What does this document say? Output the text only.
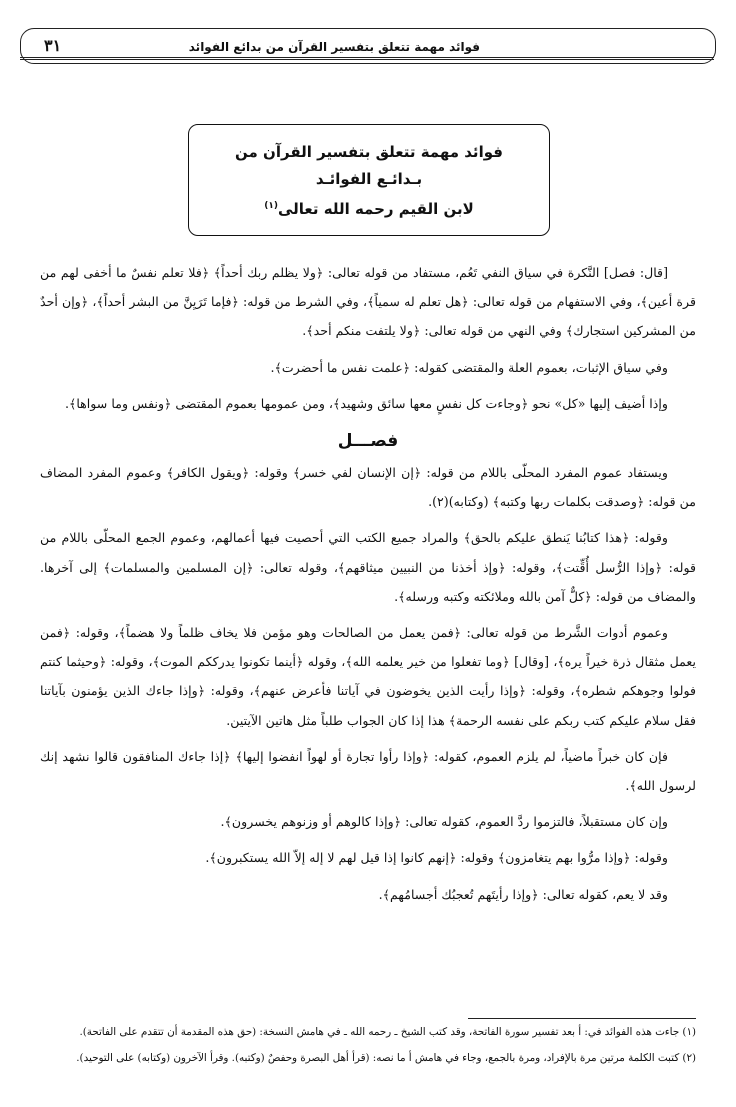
فوائد مهمة تتعلق بتفسير القرآن من بدائع الفوائد
٣١
فوائد مهمة تتعلق بتفسير القرآن من
بـدائـع الفوائـد
لابن القيم رحمه الله تعالى$^{(١)}$

[قال: فصل] النَّكرة في سياق النفي تَعُم، مستفاد من قوله تعالى: ﴿ولا يظلم ربك أحداً﴾ ﴿فلا تعلم نفسٌ ما أخفى لهم من قرة أعين﴾، وفي الاستفهام من قوله تعالى: ﴿هل تعلم له سمياً﴾، وفي الشرط من قوله: ﴿فإما تَرَيِنَّ من البشر أحداً﴾، ﴿وإن أحدٌ من المشركين استجارك﴾ وفي النهي من قوله تعالى: ﴿ولا يلتفت منكم أحد﴾.

وفي سياق الإثبات، بعموم العلة والمقتضى كقوله: ﴿علمت نفس ما أحضرت﴾.

وإذا أضيف إليها «كل» نحو ﴿وجاءت كل نفسٍ معها سائق وشهيد﴾، ومن عمومها بعموم المقتضى ﴿ونفس وما سواها﴾.

فصـــل

ويستفاد عموم المفرد المحلّى باللام من قوله: ﴿إن الإنسان لفي خسر﴾ وقوله: ﴿ويقول الكافر﴾ وعموم المفرد المضاف من قوله: ﴿وصدقت بكلمات ربها وكتبه﴾ (وكتابه)(٢).

وقوله: ﴿هذا كتابُنا يَنطق عليكم بالحق﴾ والمراد جميع الكتب التي أحصيت فيها أعمالهم، وعموم الجمع المحلّى باللام من قوله: ﴿وإذا الرُّسل أُقِّتت﴾، وقوله: ﴿وإذ أخذنا من النبيين ميثاقهم﴾، وقوله تعالى: ﴿إن المسلمين والمسلمات﴾ إلى آخرها. والمضاف من قوله: ﴿كلٌّ آمن بالله وملائكته وكتبه ورسله﴾.

وعموم أدوات الشَّرط من قوله تعالى: ﴿فمن يعمل من الصالحات وهو مؤمن فلا يخاف ظلماً ولا هضماً﴾، وقوله: ﴿فمن يعمل مثقال ذرة خيراً يره﴾، [وقال] ﴿وما تفعلوا من خير يعلمه الله﴾، وقوله ﴿أينما تكونوا يدرككم الموت﴾، وقوله: ﴿وحيثما كنتم فولوا وجوهكم شطره﴾، وقوله: ﴿وإذا رأيت الذين يخوضون في آياتنا فأعرض عنهم﴾، وقوله: ﴿وإذا جاءك الذين يؤمنون بآياتنا فقل سلام عليكم كتب ربكم على نفسه الرحمة﴾ هذا إذا كان الجواب طلباً مثل هاتين الآيتين.

فإن كان خبراً ماضياً، لم يلزم العموم، كقوله: ﴿وإذا رأوا تجارة أو لهواً انفضوا إليها﴾ ﴿إذا جاءك المنافقون قالوا نشهد إنك لرسول الله﴾.

وإن كان مستقبلاً، فالتزموا ردَّ العموم، كقوله تعالى: ﴿وإذا كالوهم أو وزنوهم يخسرون﴾.

وقوله: ﴿وإذا مرُّوا بهم يتغامزون﴾ وقوله: ﴿إنهم كانوا إذا قيل لهم لا إله إلاّ الله يستكبرون﴾.

وقد لا يعم، كقوله تعالى: ﴿وإذا رأيتَهم تُعجبُك أجسامُهم﴾.

(١) جاءت هذه الفوائد في: أ بعد تفسير سورة الفاتحة، وقد كتب الشيخ ـ رحمه الله ـ في هامش النسخة: (حق هذه المقدمة أن تتقدم على الفاتحة).

(٢) كتبت الكلمة مرتين مرة بالإفراد، ومرة بالجمع، وجاء في هامش أ ما نصه: (قرأ أهل البصرة وحفصٌ (وكتبه). وقرأ الآخرون (وكتابه) على التوحيد).
